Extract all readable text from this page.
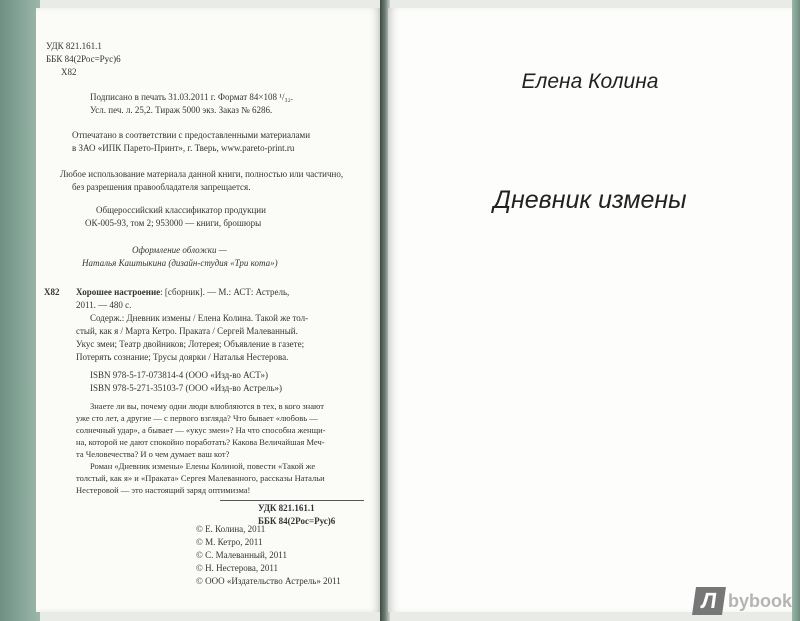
УДК 821.161.1
ББК 84(2Рос=Рус)6
Х82
Подписано в печать 31.03.2011 г. Формат 84×108 ¹/₃₂.
Усл. печ. л. 25,2. Тираж 5000 экз. Заказ № 6286.
Отпечатано в соответствии с предоставленными материалами
в ЗАО «ИПК Парето-Принт», г. Тверь, www.pareto-print.ru
Любое использование материала данной книги, полностью или частично,
без разрешения правообладателя запрещается.
Общероссийский классификатор продукции
ОК-005-93, том 2; 953000 — книги, брошюры
Оформление обложки —
Наталья Каштыкина (дизайн-студия «Три кота»)
Х82 Хорошее настроение: [сборник]. — М.: АСТ: Астрель,
2011. — 480 с.
Содерж.: Дневник измены / Елена Колина. Такой же тол-
стый, как я / Марта Кетро. Праката / Сергей Малеванный.
Укус змеи; Театр двойников; Лотерея; Объявление в газете;
Потерять сознание; Трусы доярки / Наталья Нестерова.
ISBN 978-5-17-073814-4 (ООО «Изд-во АСТ»)
ISBN 978-5-271-35103-7 (ООО «Изд-во Астрель»)
Знаете ли вы, почему одни люди влюбляются в тех, в кого знают
уже сто лет, а другие — с первого взгляда? Что бывает «любовь —
солнечный удар», а бывает — «укус змеи»? На что способна женщи-
на, которой не дают спокойно поработать? Какова Величайшая Меч-
та Человечества? И о чем думает ваш кот?
Роман «Дневник измены» Елены Колиной, повести «Такой же
толстый, как я» и «Праката» Сергея Малеванного, рассказы Натальи
Нестеровой — это настоящий заряд оптимизма!
УДК 821.161.1
ББК 84(2Рос=Рус)6
© Е. Колина, 2011
© М. Кетро, 2011
© С. Малеванный, 2011
© Н. Нестерова, 2011
© ООО «Издательство Астрель» 2011
Елена Колина
Дневник измены
Л bybook
